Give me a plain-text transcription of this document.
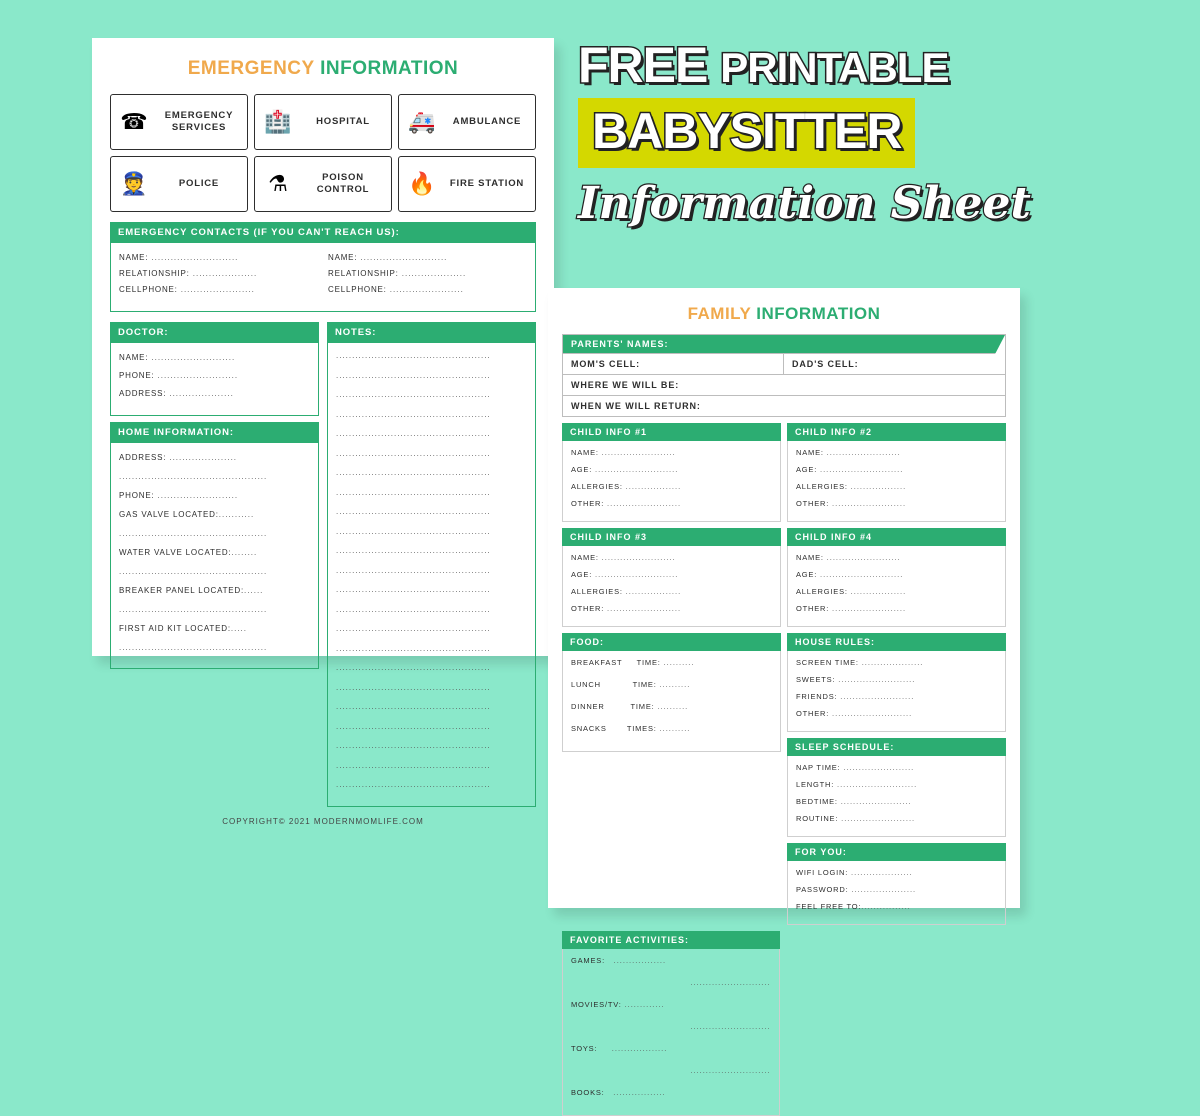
EMERGENCY INFORMATION
☎	EMERGENCY
SERVICES	🏥	HOSPITAL	🚑	AMBULANCE
👮	POLICE	⚗	POISON
CONTROL	🔥	FIRE STATION
EMERGENCY CONTACTS (IF YOU CAN'T REACH US):
NAME: ...........................
RELATIONSHIP: ....................
CELLPHONE: .......................
NAME: ...........................
RELATIONSHIP: ....................
CELLPHONE: .......................
DOCTOR:
NAME: ..........................
PHONE: .........................
ADDRESS: ....................
HOME INFORMATION:
ADDRESS: .....................
..............................................
PHONE: .........................
GAS VALVE LOCATED:...........
..............................................
WATER VALVE LOCATED:........
..............................................
BREAKER PANEL LOCATED:......
..............................................
FIRST AID KIT LOCATED:.....
..............................................
NOTES:
................................................
................................................
................................................
................................................
................................................
................................................
................................................
................................................
................................................
................................................
................................................
................................................
................................................
................................................
................................................
................................................
................................................
................................................
................................................
................................................
................................................
................................................
................................................
COPYRIGHT© 2021 MODERNMOMLIFE.COM
FAMILY INFORMATION
PARENTS' NAMES:
MOM'S CELL:	DAD'S CELL:
WHERE WE WILL BE:
WHEN WE WILL RETURN:
CHILD INFO #1
NAME: ........................
AGE: ...........................
ALLERGIES: ..................
OTHER: ........................
CHILD INFO #2
NAME: ........................
AGE: ...........................
ALLERGIES: ..................
OTHER: ........................
CHILD INFO #3
NAME: ........................
AGE: ...........................
ALLERGIES: ..................
OTHER: ........................
CHILD INFO #4
NAME: ........................
AGE: ...........................
ALLERGIES: ..................
OTHER: ........................
FOOD:
BREAKFAST TIME: ..........
LUNCH	TIME: ..........
DINNER	TIME: ..........
SNACKS	TIMES: ..........
HOUSE RULES:
SCREEN TIME: ....................
SWEETS: .........................
FRIENDS: ........................
OTHER: ..........................
SLEEP SCHEDULE:
NAP TIME: .......................
LENGTH: ..........................
BEDTIME: .......................
ROUTINE: ........................
FOR YOU:
WIFI LOGIN: ....................
PASSWORD: .....................
FEEL FREE TO:................
FAVORITE ACTIVITIES:
GAMES: .................
..........................
MOVIES/TV: .............
..........................
TOYS: ..................
..........................
BOOKS: .................
FREE PRINTABLE
BABYSITTER
Information Sheet
